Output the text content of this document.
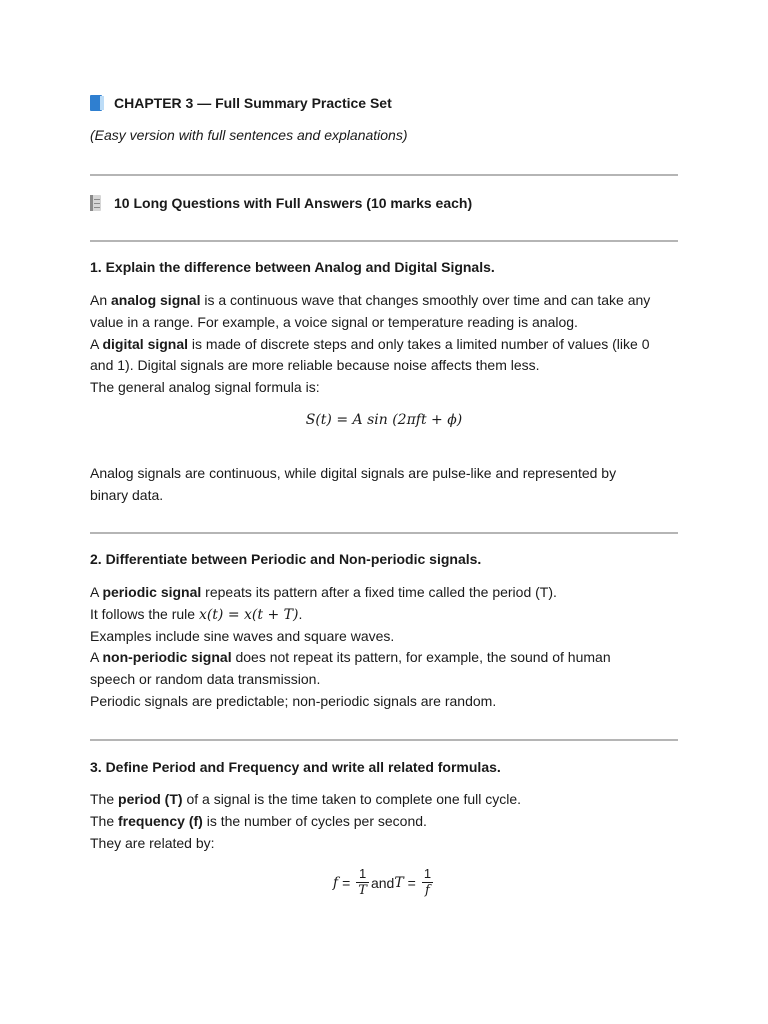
CHAPTER 3 — Full Summary Practice Set
(Easy version with full sentences and explanations)
10 Long Questions with Full Answers (10 marks each)
1. Explain the difference between Analog and Digital Signals.
An analog signal is a continuous wave that changes smoothly over time and can take any
value in a range. For example, a voice signal or temperature reading is analog.
A digital signal is made of discrete steps and only takes a limited number of values (like 0
and 1). Digital signals are more reliable because noise affects them less.
The general analog signal formula is:
S(t) = A sin (2πft + ϕ)
Analog signals are continuous, while digital signals are pulse-like and represented by
binary data.
2. Differentiate between Periodic and Non-periodic signals.
A periodic signal repeats its pattern after a fixed time called the period (T).
It follows the rule x(t) = x(t + T).
Examples include sine waves and square waves.
A non-periodic signal does not repeat its pattern, for example, the sound of human
speech or random data transmission.
Periodic signals are predictable; non-periodic signals are random.
3. Define Period and Frequency and write all related formulas.
The period (T) of a signal is the time taken to complete one full cycle.
The frequency (f) is the number of cycles per second.
They are related by:
$f = \frac{1}{T}$ and $T = \frac{1}{f}$
